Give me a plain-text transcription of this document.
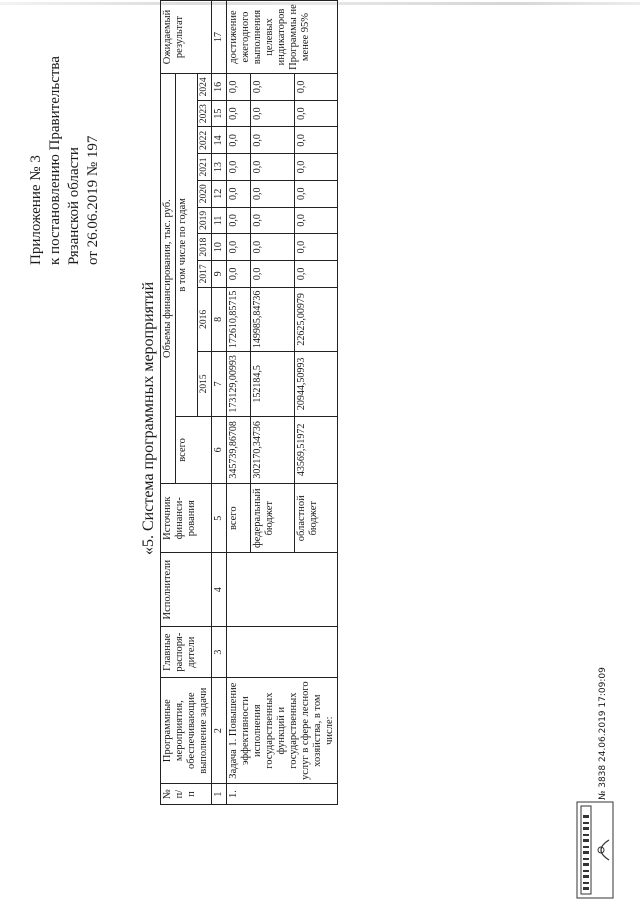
Приложение № 3 к постановлению Правительства Рязанской области от 26.06.2019 № 197
«5. Система программных мероприятий
№ п/п	Программные мероприятия, обеспечивающие выполнение задачи	Главные распоря- дители	Исполнители	Источник финанси- рования	Объемы финансирования, тыс. руб.											Ожидаемый результат
					всего	в том числе по годам										
						2015	2016	2017	2018	2019	2020	2021	2022	2023	2024	
1	2	3	4	5	6	7	8	9	10	11	12	13	14	15	16	17
1.	Задача 1. Повышение эффективности исполнения государственных функций и государственных услуг в сфере лесного хозяйства, в том числе:			всего	345739,86708	173129,00993	172610,85715	0,0	0,0	0,0	0,0	0,0	0,0	0,0	0,0	достижение ежегодного выполнения целевых индикаторов Программы не менее 95%
				федеральный бюджет	302170,34736	152184,5	149985,84736	0,0	0,0	0,0	0,0	0,0	0,0	0,0	0,0	
				областной бюджет	43569,51972	20944,50993	22625,00979	0,0	0,0	0,0	0,0	0,0	0,0	0,0	0,0	
№ 3838 24.06.2019 17:09:09
